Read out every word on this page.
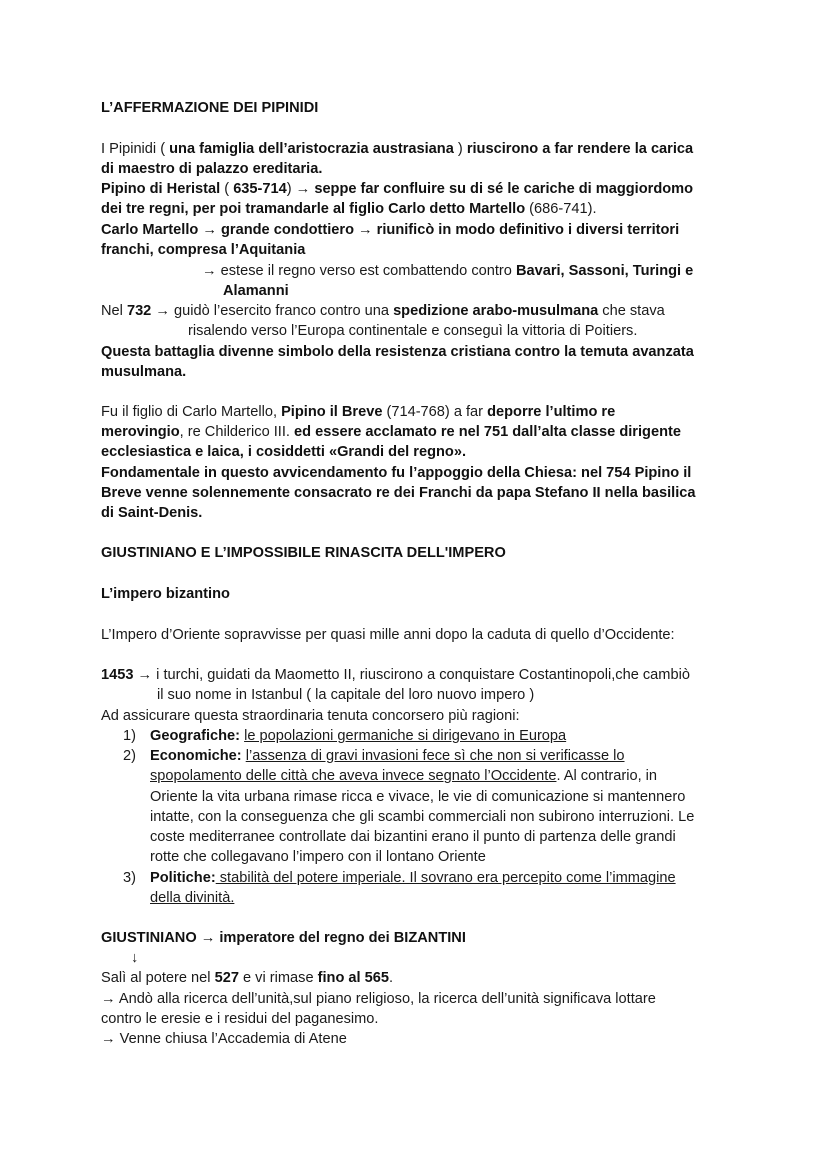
L’AFFERMAZIONE DEI PIPINIDI
I Pipinidi ( una famiglia dell’aristocrazia austrasiana ) riuscirono a far rendere la carica
di maestro di palazzo ereditaria.
Pipino di Heristal ( 635-714) → seppe far confluire su di sé le cariche di maggiordomo
dei tre regni, per poi tramandarle al figlio Carlo detto Martello (686-741).
Carlo Martello → grande condottiero → riunificò in modo definitivo i diversi territori
franchi, compresa l’Aquitania
→ estese il regno verso est combattendo contro Bavari, Sassoni, Turingi e
Alamanni
Nel 732 → guidò l’esercito franco contro una spedizione arabo-musulmana che stava
risalendo verso l’Europa continentale e conseguì la vittoria di Poitiers.
Questa battaglia divenne simbolo della resistenza cristiana contro la temuta avanzata
musulmana.
Fu il figlio di Carlo Martello, Pipino il Breve (714-768) a far deporre l’ultimo re
merovingio, re Childerico III. ed essere acclamato re nel 751 dall’alta classe dirigente
ecclesiastica e laica, i cosiddetti «Grandi del regno».
Fondamentale in questo avvicendamento fu l’appoggio della Chiesa: nel 754 Pipino il
Breve venne solennemente consacrato re dei Franchi da papa Stefano II nella basilica
di Saint-Denis.
GIUSTINIANO E L’IMPOSSIBILE RINASCITA DELL'IMPERO
L’impero bizantino
L’Impero d’Oriente sopravvisse per quasi mille anni dopo la caduta di quello d’Occidente:
1453 → i turchi, guidati da Maometto II, riuscirono a conquistare Costantinopoli,che cambiò
il suo nome in Istanbul ( la capitale del loro nuovo impero )
Ad assicurare questa straordinaria tenuta concorsero più ragioni:
1) Geografiche: le popolazioni germaniche si dirigevano in Europa
2) Economiche: l’assenza di gravi invasioni fece sì che non si verificasse lo
spopolamento delle città che aveva invece segnato l’Occidente. Al contrario, in
Oriente la vita urbana rimase ricca e vivace, le vie di comunicazione si mantennero
intatte, con la conseguenza che gli scambi commerciali non subirono interruzioni. Le
coste mediterranee controllate dai bizantini erano il punto di partenza delle grandi
rotte che collegavano l’impero con il lontano Oriente
3) Politiche: stabilità del potere imperiale. Il sovrano era percepito come l’immagine
della divinità.
GIUSTINIANO → imperatore del regno dei BIZANTINI
↓
Salì al potere nel 527 e vi rimase fino al 565.
→ Andò alla ricerca dell’unità,sul piano religioso, la ricerca dell’unità significava lottare
contro le eresie e i residui del paganesimo.
→ Venne chiusa l’Accademia di Atene
